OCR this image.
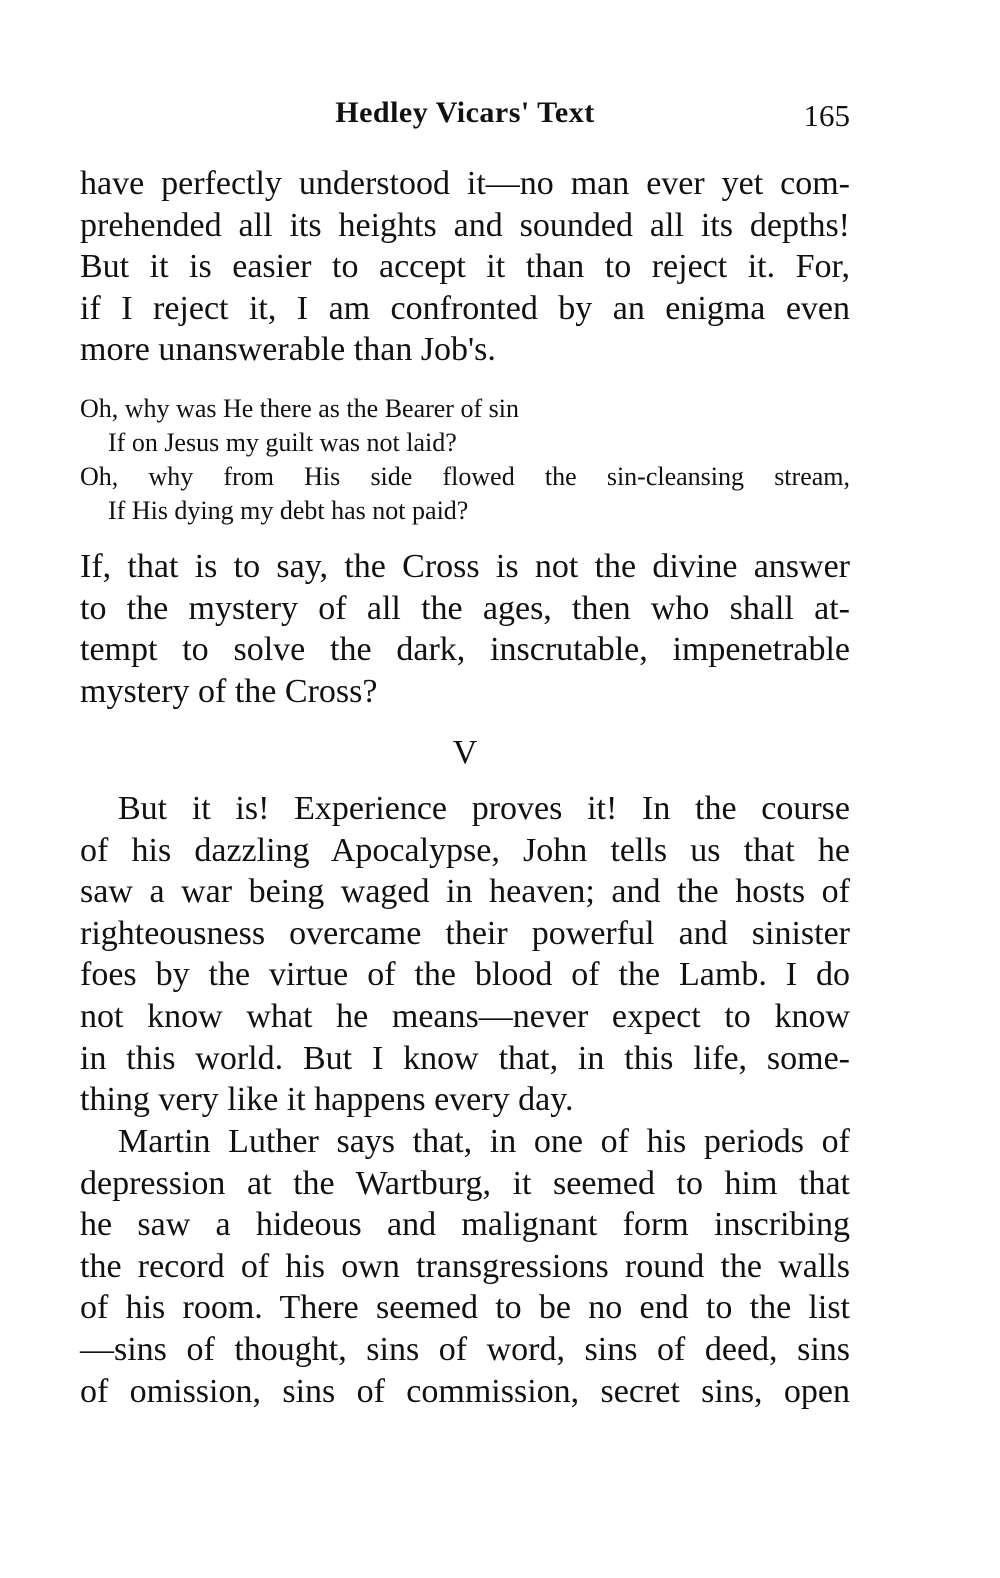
Hedley Vicars' Text	165

have perfectly understood it—no man ever yet com-

prehended all its heights and sounded all its depths!

But it is easier to accept it than to reject it. For,

if I reject it, I am confronted by an enigma even

more unanswerable than Job's.

Oh, why was He there as the Bearer of sin

If on Jesus my guilt was not laid?

Oh, why from His side flowed the sin-cleansing stream,

If His dying my debt has not paid?

If, that is to say, the Cross is not the divine answer

to the mystery of all the ages, then who shall at-

tempt to solve the dark, inscrutable, impenetrable

mystery of the Cross?

V

But it is! Experience proves it! In the course

of his dazzling Apocalypse, John tells us that he

saw a war being waged in heaven; and the hosts of

righteousness overcame their powerful and sinister

foes by the virtue of the blood of the Lamb. I do

not know what he means—never expect to know

in this world. But I know that, in this life, some-

thing very like it happens every day.

Martin Luther says that, in one of his periods of

depression at the Wartburg, it seemed to him that

he saw a hideous and malignant form inscribing

the record of his own transgressions round the walls

of his room. There seemed to be no end to the list

—sins of thought, sins of word, sins of deed, sins

of omission, sins of commission, secret sins, open
